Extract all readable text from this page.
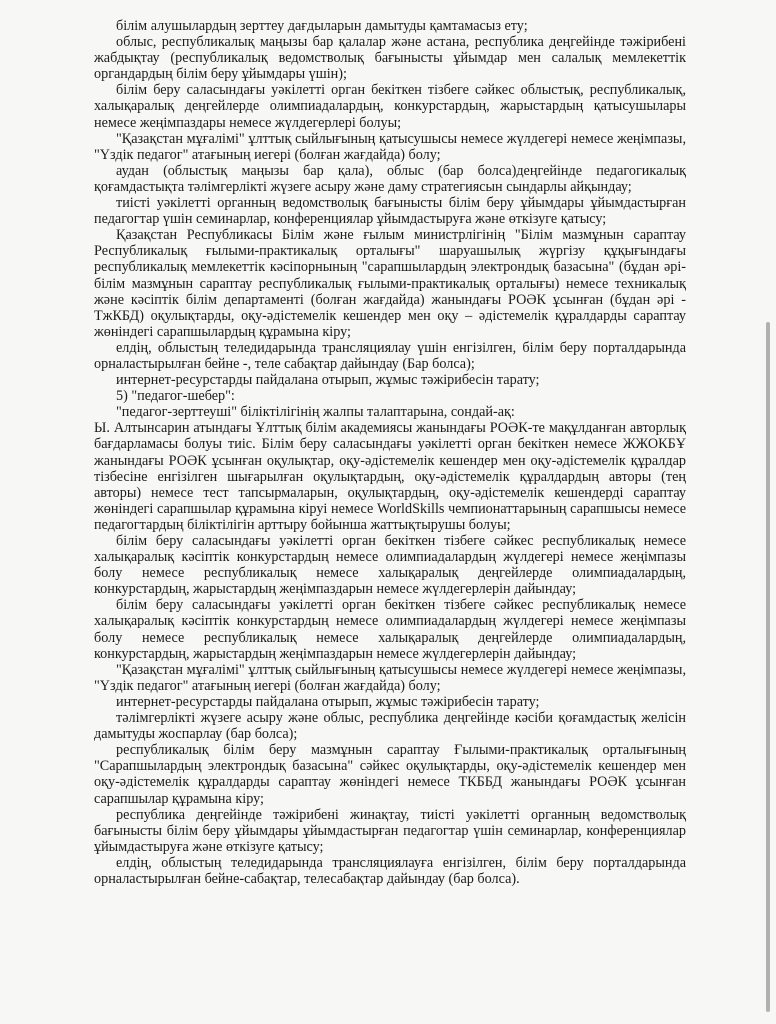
білім алушылардың зерттеу дағдыларын дамытуды қамтамасыз ету;

облыс, республикалық маңызы бар қалалар және астана, республика деңгейінде тәжірибені жабдықтау (республикалық ведомстволық бағынысты ұйымдар мен салалық мемлекеттік органдардың білім беру ұйымдары үшін);

білім беру саласындағы уәкілетті орган бекіткен тізбеге сәйкес облыстық, республикалық, халықаралық деңгейлерде олимпиадалардың, конкурстардың, жарыстардың қатысушылары немесе жеңімпаздары немесе жүлдегерлері болуы;

"Қазақстан мұғалімі" ұлттық сыйлығының қатысушысы немесе жүлдегері немесе жеңімпазы, "Үздік педагог" атағының иегері (болған жағдайда) болу;

аудан (облыстық маңызы бар қала), облыс (бар болса)деңгейінде педагогикалық қоғамдастықта тәлімгерлікті жүзеге асыру және даму стратегиясын сындарлы айқындау;

тиісті уәкілетті органның ведомстволық бағынысты білім беру ұйымдары ұйымдастырған педагогтар үшін семинарлар, конференциялар ұйымдастыруға және өткізуге қатысу;

Қазақстан Республикасы Білім және ғылым министрлігінің "Білім мазмұнын сараптау Республикалық ғылыми-практикалық орталығы" шаруашылық жүргізу құқығындағы республикалық мемлекеттік кәсіпорнының "сарапшылардың электрондық базасына" (бұдан әрі-білім мазмұнын сараптау республикалық ғылыми-практикалық орталығы) немесе техникалық және кәсіптік білім департаменті (болған жағдайда) жанындағы РОӘК ұсынған (бұдан әрі - ТжКБД) оқулықтарды, оқу-әдістемелік кешендер мен оқу – әдістемелік құралдарды сараптау жөніндегі сарапшылардың құрамына кіру;

елдің, облыстың теледидарында трансляциялау үшін енгізілген, білім беру порталдарында орналастырылған бейне -, теле сабақтар дайындау (Бар болса);

интернет-ресурстарды пайдалана отырып, жұмыс тәжірибесін тарату;

5) "педагог-шебер":

"педагог-зерттеуші" біліктілігінің жалпы талаптарына, сондай-ақ:

Ы. Алтынсарин атындағы Ұлттық білім академиясы жанындағы РОӘК-те мақұлданған авторлық бағдарламасы болуы тиіс. Білім беру саласындағы уәкілетті орган бекіткен немесе ЖЖОКБҰ жанындағы РОӘК ұсынған оқулықтар, оқу-әдістемелік кешендер мен оқу-әдістемелік құралдар тізбесіне енгізілген шығарылған оқулықтардың, оқу-әдістемелік құралдардың авторы (тең авторы) немесе тест тапсырмаларын, оқулықтардың, оқу-әдістемелік кешендерді сараптау жөніндегі сарапшылар құрамына кіруі немесе WorldSkills чемпионаттарының сарапшысы немесе педагогтардың біліктілігін арттыру бойынша жаттықтырушы болуы;

білім беру саласындағы уәкілетті орган бекіткен тізбеге сәйкес республикалық немесе халықаралық кәсіптік конкурстардың немесе олимпиадалардың жүлдегері немесе жеңімпазы болу немесе республикалық немесе халықаралық деңгейлерде олимпиадалардың, конкурстардың, жарыстардың жеңімпаздарын немесе жүлдегерлерін дайындау;

білім беру саласындағы уәкілетті орган бекіткен тізбеге сәйкес республикалық немесе халықаралық кәсіптік конкурстардың немесе олимпиадалардың жүлдегері немесе жеңімпазы болу немесе республикалық немесе халықаралық деңгейлерде олимпиадалардың, конкурстардың, жарыстардың жеңімпаздарын немесе жүлдегерлерін дайындау;

"Қазақстан мұғалімі" ұлттық сыйлығының қатысушысы немесе жүлдегері немесе жеңімпазы, "Үздік педагог" атағының иегері (болған жағдайда) болу;

интернет-ресурстарды пайдалана отырып, жұмыс тәжірибесін тарату;

тәлімгерлікті жүзеге асыру және облыс, республика деңгейінде кәсіби қоғамдастық желісін дамытуды жоспарлау (бар болса);

республикалық білім беру мазмұнын сараптау Ғылыми-практикалық орталығының "Сарапшылардың электрондық базасына" сәйкес оқулықтарды, оқу-әдістемелік кешендер мен оқу-әдістемелік құралдарды сараптау жөніндегі немесе ТКББД жанындағы РОӘК ұсынған сарапшылар құрамына кіру;

республика деңгейінде тәжірибені жинақтау, тиісті уәкілетті органның ведомстволық бағынысты білім беру ұйымдары ұйымдастырған педагогтар үшін семинарлар, конференциялар ұйымдастыруға және өткізуге қатысу;

елдің, облыстың теледидарында трансляциялауға енгізілген, білім беру порталдарында орналастырылған бейне-сабақтар, телесабақтар дайындау (бар болса).
